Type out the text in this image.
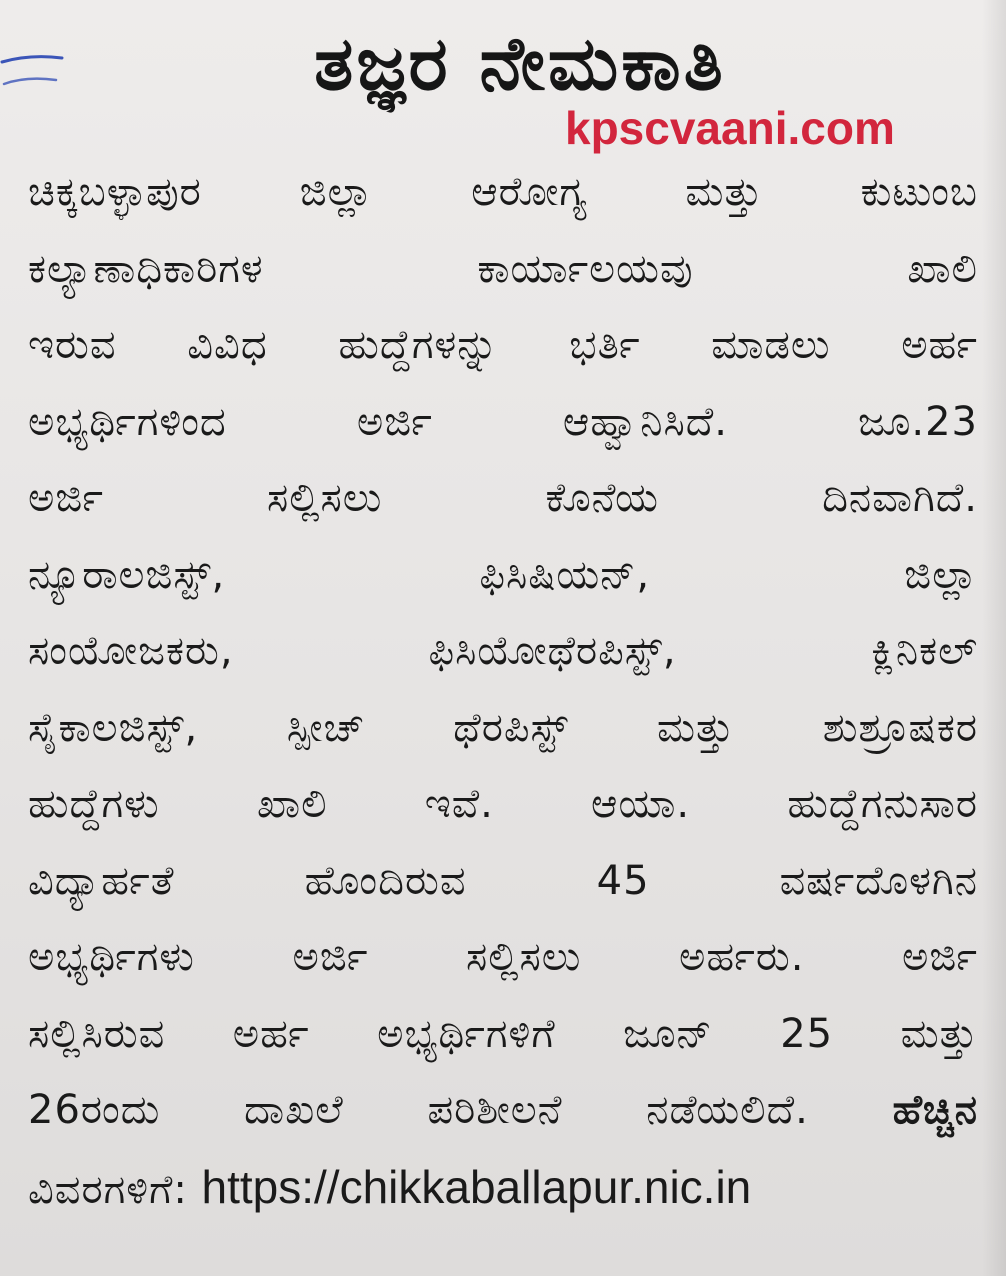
ತಜ್ಞರ ನೇಮಕಾತಿ
kpscvaani.com
ಚಿಕ್ಕಬಳ್ಳಾಪುರ ಜಿಲ್ಲಾ ಆರೋಗ್ಯ ಮತ್ತು ಕುಟುಂಬ
ಕಲ್ಯಾಣಾಧಿಕಾರಿಗಳ ಕಾರ್ಯಾಲಯವು ಖಾಲಿ
ಇರುವ ವಿವಿಧ ಹುದ್ದೆಗಳನ್ನು ಭರ್ತಿ ಮಾಡಲು ಅರ್ಹ
ಅಭ್ಯರ್ಥಿಗಳಿಂದ ಅರ್ಜಿ ಆಹ್ವಾನಿಸಿದೆ. ಜೂ.23
ಅರ್ಜಿ ಸಲ್ಲಿಸಲು ಕೊನೆಯ ದಿನವಾಗಿದೆ.
ನ್ಯೂರಾಲಜಿಸ್ಟ್, ಫಿಸಿಷಿಯನ್, ಜಿಲ್ಲಾ
ಸಂಯೋಜಕರು, ಫಿಸಿಯೋಥೆರಪಿಸ್ಟ್, ಕ್ಲಿನಿಕಲ್
ಸೈಕಾಲಜಿಸ್ಟ್, ಸ್ಪೀಚ್ ಥೆರಪಿಸ್ಟ್ ಮತ್ತು ಶುಶ್ರೂಷಕರ
ಹುದ್ದೆಗಳು ಖಾಲಿ ಇವೆ. ಆಯಾ. ಹುದ್ದೆಗನುಸಾರ
ವಿದ್ಯಾರ್ಹತೆ ಹೊಂದಿರುವ 45 ವರ್ಷದೊಳಗಿನ
ಅಭ್ಯರ್ಥಿಗಳು ಅರ್ಜಿ ಸಲ್ಲಿಸಲು ಅರ್ಹರು. ಅರ್ಜಿ
ಸಲ್ಲಿಸಿರುವ ಅರ್ಹ ಅಭ್ಯರ್ಥಿಗಳಿಗೆ ಜೂನ್ 25 ಮತ್ತು
26ರಂದು ದಾಖಲೆ ಪರಿಶೀಲನೆ ನಡೆಯಲಿದೆ. ಹೆಚ್ಚಿನ
ವಿವರಗಳಿಗೆ: https://chikkaballapur.nic.in
